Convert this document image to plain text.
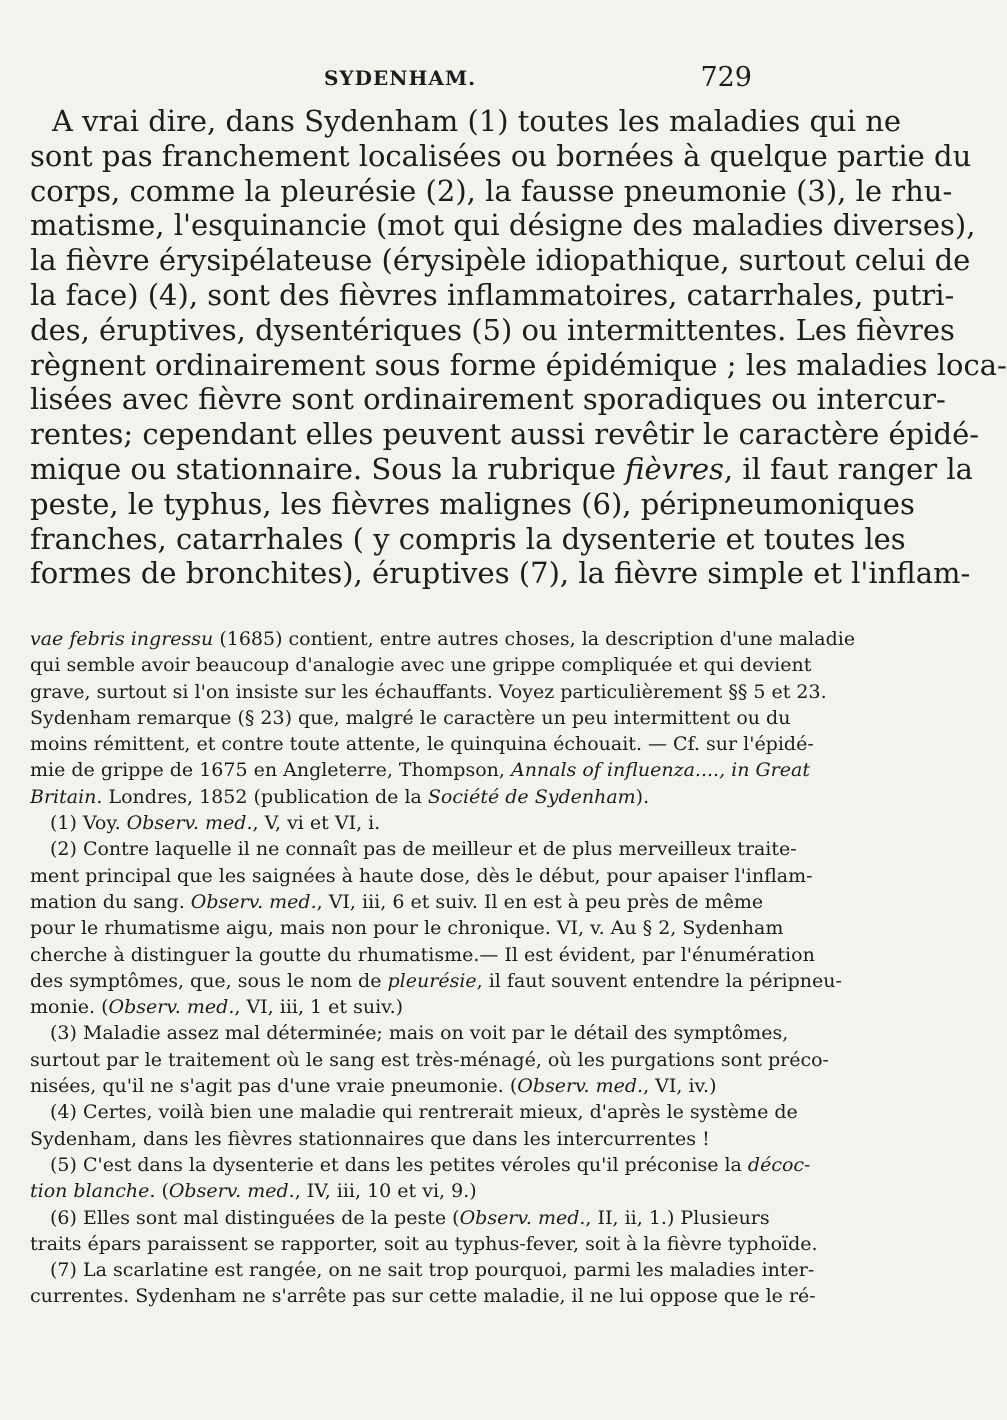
SYDENHAM.	729
A vrai dire, dans Sydenham (1) toutes les maladies qui ne
sont pas franchement localisées ou bornées à quelque partie du
corps, comme la pleurésie (2), la fausse pneumonie (3), le rhu-
matisme, l'esquinancie (mot qui désigne des maladies diverses),
la fièvre érysipélateuse (érysipèle idiopathique, surtout celui de
la face) (4), sont des fièvres inflammatoires, catarrhales, putri-
des, éruptives, dysentériques (5) ou intermittentes. Les fièvres
règnent ordinairement sous forme épidémique ; les maladies loca-
lisées avec fièvre sont ordinairement sporadiques ou intercur-
rentes; cependant elles peuvent aussi revêtir le caractère épidé-
mique ou stationnaire. Sous la rubrique fièvres, il faut ranger la
peste, le typhus, les fièvres malignes (6), péripneumoniques
franches, catarrhales ( y compris la dysenterie et toutes les
formes de bronchites), éruptives (7), la fièvre simple et l'inflam-
vae febris ingressu (1685) contient, entre autres choses, la description d'une maladie
qui semble avoir beaucoup d'analogie avec une grippe compliquée et qui devient
grave, surtout si l'on insiste sur les échauffants. Voyez particulièrement §§ 5 et 23.
Sydenham remarque (§ 23) que, malgré le caractère un peu intermittent ou du
moins rémittent, et contre toute attente, le quinquina échouait. — Cf. sur l'épidé-
mie de grippe de 1675 en Angleterre, Thompson, Annals of influenza...., in Great
Britain. Londres, 1852 (publication de la Société de Sydenham).
(1) Voy. Observ. med., V, vi et VI, i.
(2) Contre laquelle il ne connaît pas de meilleur et de plus merveilleux traite-
ment principal que les saignées à haute dose, dès le début, pour apaiser l'inflam-
mation du sang. Observ. med., VI, iii, 6 et suiv. Il en est à peu près de même
pour le rhumatisme aigu, mais non pour le chronique. VI, v. Au § 2, Sydenham
cherche à distinguer la goutte du rhumatisme.— Il est évident, par l'énumération
des symptômes, que, sous le nom de pleurésie, il faut souvent entendre la péripneu-
monie. (Observ. med., VI, iii, 1 et suiv.)
(3) Maladie assez mal déterminée; mais on voit par le détail des symptômes,
surtout par le traitement où le sang est très-ménagé, où les purgations sont préco-
nisées, qu'il ne s'agit pas d'une vraie pneumonie. (Observ. med., VI, iv.)
(4) Certes, voilà bien une maladie qui rentrerait mieux, d'après le système de
Sydenham, dans les fièvres stationnaires que dans les intercurrentes !
(5) C'est dans la dysenterie et dans les petites véroles qu'il préconise la décoc-
tion blanche. (Observ. med., IV, iii, 10 et vi, 9.)
(6) Elles sont mal distinguées de la peste (Observ. med., II, ii, 1.) Plusieurs
traits épars paraissent se rapporter, soit au typhus-fever, soit à la fièvre typhoïde.
(7) La scarlatine est rangée, on ne sait trop pourquoi, parmi les maladies inter-
currentes. Sydenham ne s'arrête pas sur cette maladie, il ne lui oppose que le ré-
